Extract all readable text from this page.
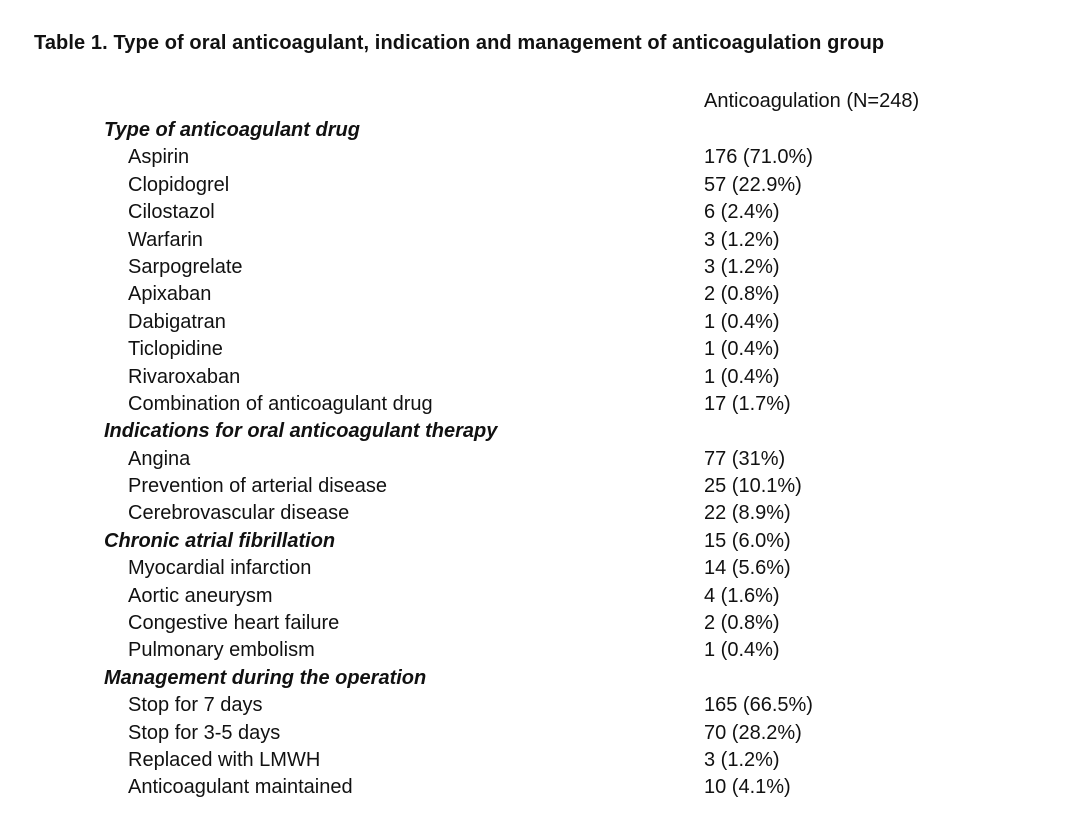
Table 1. Type of oral anticoagulant, indication and management of anticoagulation group
Anticoagulation (N=248)
Type of anticoagulant drug
Aspirin	176 (71.0%)
Clopidogrel	57 (22.9%)
Cilostazol	6 (2.4%)
Warfarin	3 (1.2%)
Sarpogrelate	3 (1.2%)
Apixaban	2 (0.8%)
Dabigatran	1 (0.4%)
Ticlopidine	1 (0.4%)
Rivaroxaban	1 (0.4%)
Combination of anticoagulant drug	17 (1.7%)
Indications for oral anticoagulant therapy
Angina	77 (31%)
Prevention of arterial disease	25 (10.1%)
Cerebrovascular disease	22 (8.9%)
Chronic atrial fibrillation	15 (6.0%)
Myocardial infarction	14 (5.6%)
Aortic aneurysm	4 (1.6%)
Congestive heart failure	2 (0.8%)
Pulmonary embolism	1 (0.4%)
Management during the operation
Stop for 7 days	165 (66.5%)
Stop for 3-5 days	70 (28.2%)
Replaced with LMWH	3 (1.2%)
Anticoagulant maintained	10 (4.1%)
